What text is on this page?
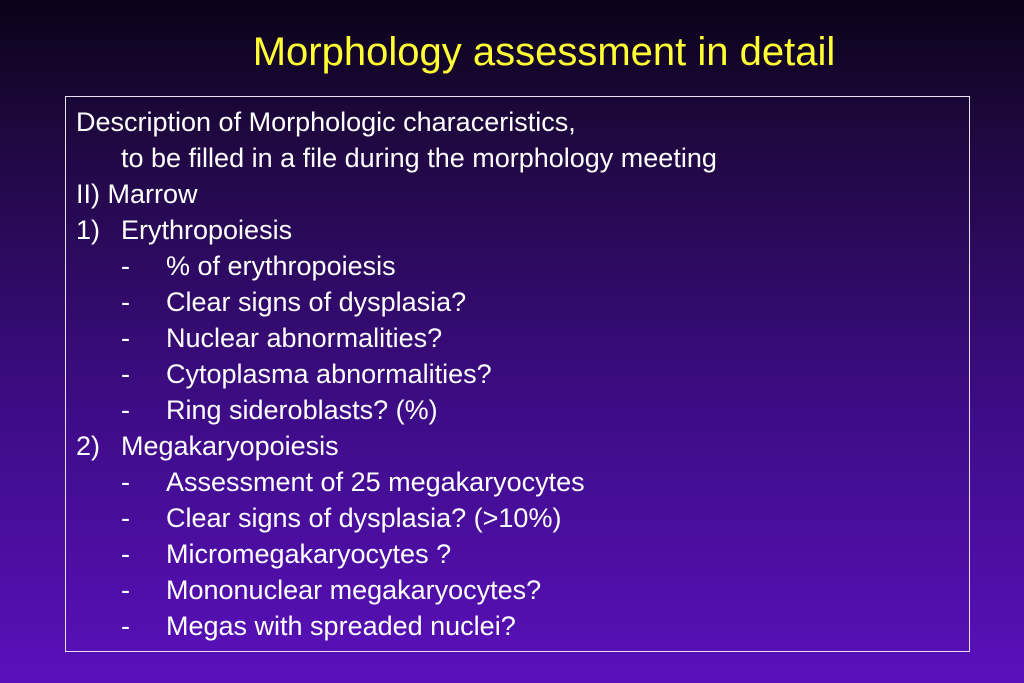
Morphology assessment in detail
Description of Morphologic characeristics,
to be filled in a file during the morphology meeting
II) Marrow
1) Erythropoiesis
- % of erythropoiesis
- Clear signs of dysplasia?
- Nuclear abnormalities?
- Cytoplasma abnormalities?
- Ring sideroblasts? (%)
2) Megakaryopoiesis
- Assessment of 25 megakaryocytes
- Clear signs of dysplasia? (>10%)
- Micromegakaryocytes ?
- Mononuclear megakaryocytes?
- Megas with spreaded nuclei?
